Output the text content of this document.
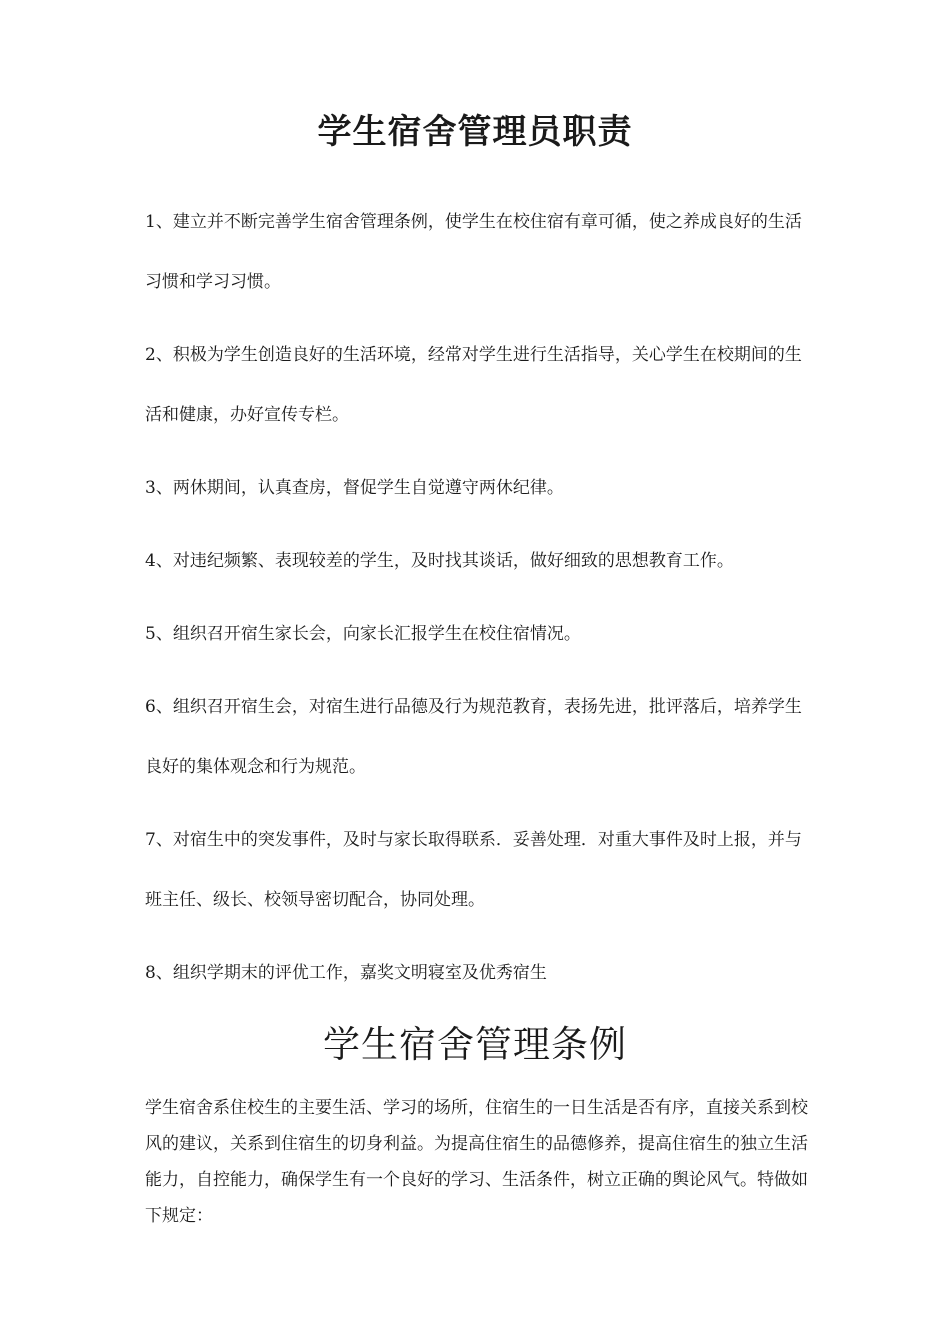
学生宿舍管理员职责
1、建立并不断完善学生宿舍管理条例，使学生在校住宿有章可循，使之养成良好的生活习惯和学习习惯。
2、积极为学生创造良好的生活环境，经常对学生进行生活指导，关心学生在校期间的生活和健康，办好宣传专栏。
3、两休期间，认真查房，督促学生自觉遵守两休纪律。
4、对违纪频繁、表现较差的学生，及时找其谈话，做好细致的思想教育工作。
5、组织召开宿生家长会，向家长汇报学生在校住宿情况。
6、组织召开宿生会，对宿生进行品德及行为规范教育，表扬先进，批评落后，培养学生良好的集体观念和行为规范。
7、对宿生中的突发事件，及时与家长取得联系．妥善处理．对重大事件及时上报，并与班主任、级长、校领导密切配合，协同处理。
8、组织学期末的评优工作，嘉奖文明寝室及优秀宿生
学生宿舍管理条例

学生宿舍系住校生的主要生活、学习的场所，住宿生的一日生活是否有序，直接关系到校风的建议，关系到住宿生的切身利益。为提高住宿生的品德修养，提高住宿生的独立生活能力，自控能力，确保学生有一个良好的学习、生活条件，树立正确的舆论风气。特做如下规定：
